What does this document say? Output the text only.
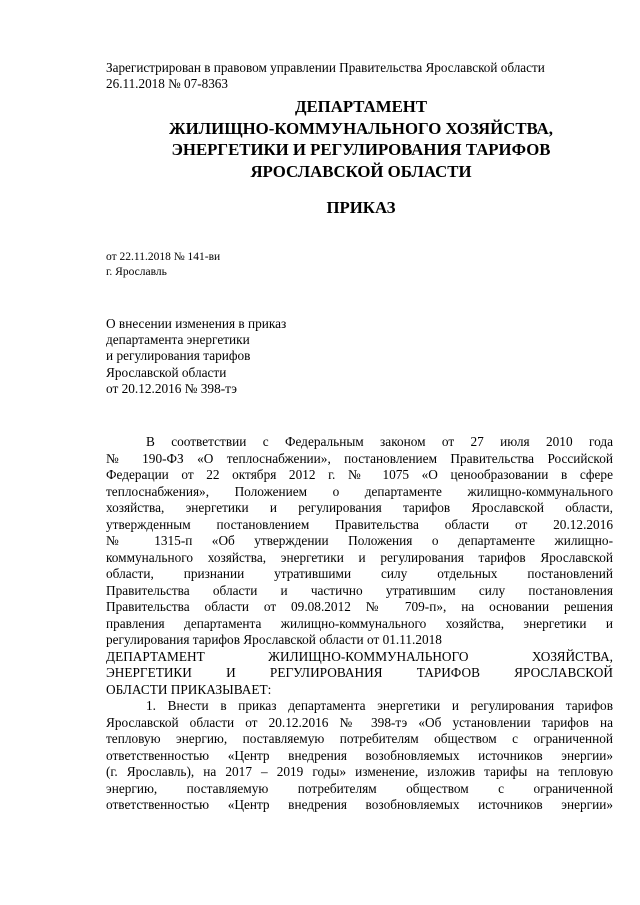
Зарегистрирован в правовом управлении Правительства Ярославской области
26.11.2018 № 07-8363
ДЕПАРТАМЕНТ
ЖИЛИЩНО-КОММУНАЛЬНОГО ХОЗЯЙСТВА,
ЭНЕРГЕТИКИ И РЕГУЛИРОВАНИЯ ТАРИФОВ
ЯРОСЛАВСКОЙ ОБЛАСТИ
ПРИКАЗ
от 22.11.2018 № 141-ви
г. Ярославль
О внесении изменения в приказ
департамента энергетики
и регулирования тарифов
Ярославской области
от 20.12.2016 № 398-тэ
В соответствии с Федеральным законом от 27 июля 2010 года
№ 190-ФЗ «О теплоснабжении», постановлением Правительства Российской
Федерации от 22 октября 2012 г. № 1075 «О ценообразовании в сфере
теплоснабжения», Положением о департаменте жилищно-коммунального
хозяйства, энергетики и регулирования тарифов Ярославской области,
утвержденным постановлением Правительства области от 20.12.2016
№ 1315-п «Об утверждении Положения о департаменте жилищно-
коммунального хозяйства, энергетики и регулирования тарифов Ярославской
области, признании утратившими силу отдельных постановлений
Правительства области и частично утратившим силу постановления
Правительства области от 09.08.2012 № 709-п», на основании решения
правления департамента жилищно-коммунального хозяйства, энергетики и
регулирования тарифов Ярославской области от 01.11.2018
ДЕПАРТАМЕНТ ЖИЛИЩНО-КОММУНАЛЬНОГО ХОЗЯЙСТВА,
ЭНЕРГЕТИКИ И РЕГУЛИРОВАНИЯ ТАРИФОВ ЯРОСЛАВСКОЙ
ОБЛАСТИ ПРИКАЗЫВАЕТ:
1. Внести в приказ департамента энергетики и регулирования тарифов
Ярославской области от 20.12.2016 № 398-тэ «Об установлении тарифов на
тепловую энергию, поставляемую потребителям обществом с ограниченной
ответственностью «Центр внедрения возобновляемых источников энергии»
(г. Ярославль), на 2017 – 2019 годы» изменение, изложив тарифы на тепловую
энергию, поставляемую потребителям обществом с ограниченной
ответственностью «Центр внедрения возобновляемых источников энергии»
